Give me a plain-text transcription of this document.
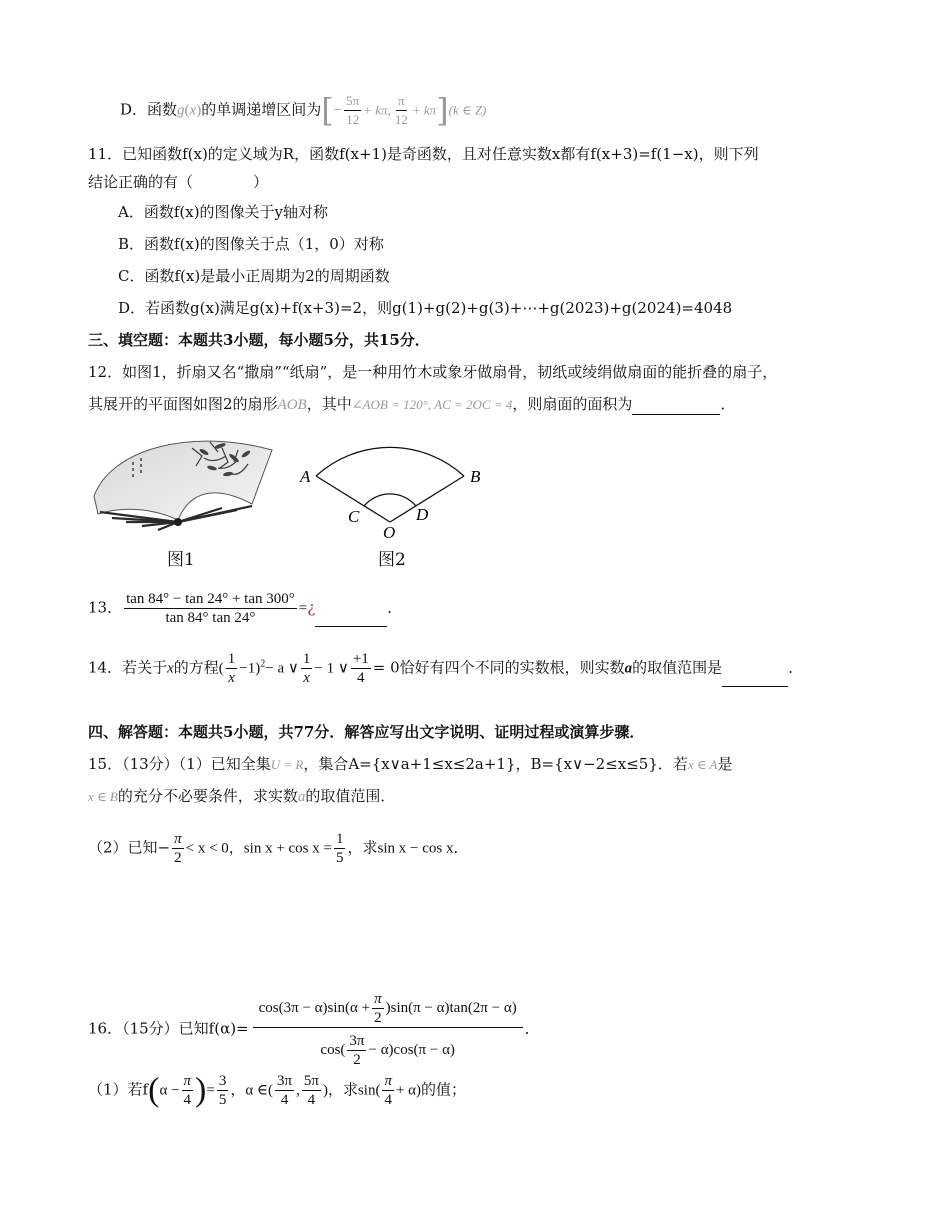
D．函数g(x)的单调递增区间为[− $\frac{5\pi}{12} + k\pi$, $\frac{\pi}{12} + k\pi](k$ ∈ Z)
11．已知函数f(x)的定义域为R，函数f(x+1)是奇函数，且对任意实数x都有f(x+3)=f(1−x)，则下列
结论正确的有（　　　　）
A．函数f(x)的图像关于y轴对称
B．函数f(x)的图像关于点（1，0）对称
C．函数f(x)是最小正周期为2的周期函数
D．若函数g(x)满足g(x)+f(x+3)=2，则g(1)+g(2)+g(3)+⋯+g(2023)+g(2024)=4048
三、填空题：本题共3小题，每小题5分，共15分．
12．如图1，折扇又名“撒扇”“纸扇”，是一种用竹木或象牙做扇骨，韧纸或绫绢做扇面的能折叠的扇子，
其展开的平面图如图2的扇形AOB，其中∠AOB = 120°, AC = 2OC = 4，则扇面的面积为	．
图1
A	B
C	D
O
图2
13． $\frac{\tan 84^\circ - \tan 24^\circ + \tan 300^\circ}{\tan 84^\circ \tan 24^\circ}$ =¿	．
14．若关于x的方程( $\frac{1}{x} -1)^2- a$ ∨ $\frac{1}{x} - 1$ ∨ $\frac{+1}{4} = 0$恰好有四个不同的实数根，则实数a的取值范围是	．
四、解答题：本题共5小题，共77分．解答应写出文字说明、证明过程或演算步骤．
15．（13分）（1）已知全集U = R，集合A={x∨a+1≤x≤2a+1}，B={x∨−2≤x≤5}．若x ∈ A是
x ∈ B的充分不必要条件，求实数a的取值范围．
（2）已知− $\frac{\pi}{2} < x < 0$，$\sin x + \cos x = \frac{1}{5}$ ，求sin x − cos x．
16．（15分）已知$f(\alpha)= \frac{\cos(3\pi - \alpha)\sin(\alpha + \frac{\pi}{2} )\sin(\pi - \alpha)\tan(2\pi - \alpha)}{\cos( \frac{3\pi}{2} - \alpha)\cos(\pi - \alpha)}$ ．
（1）若$f(\alpha - \frac{\pi}{4}$ )= $\frac{3}{5}$ ，α ∈( $\frac{3\pi}{4}$ , $\frac{5\pi}{4}$ )，求$\sin( \frac{\pi}{4} + \alpha)$的值；
